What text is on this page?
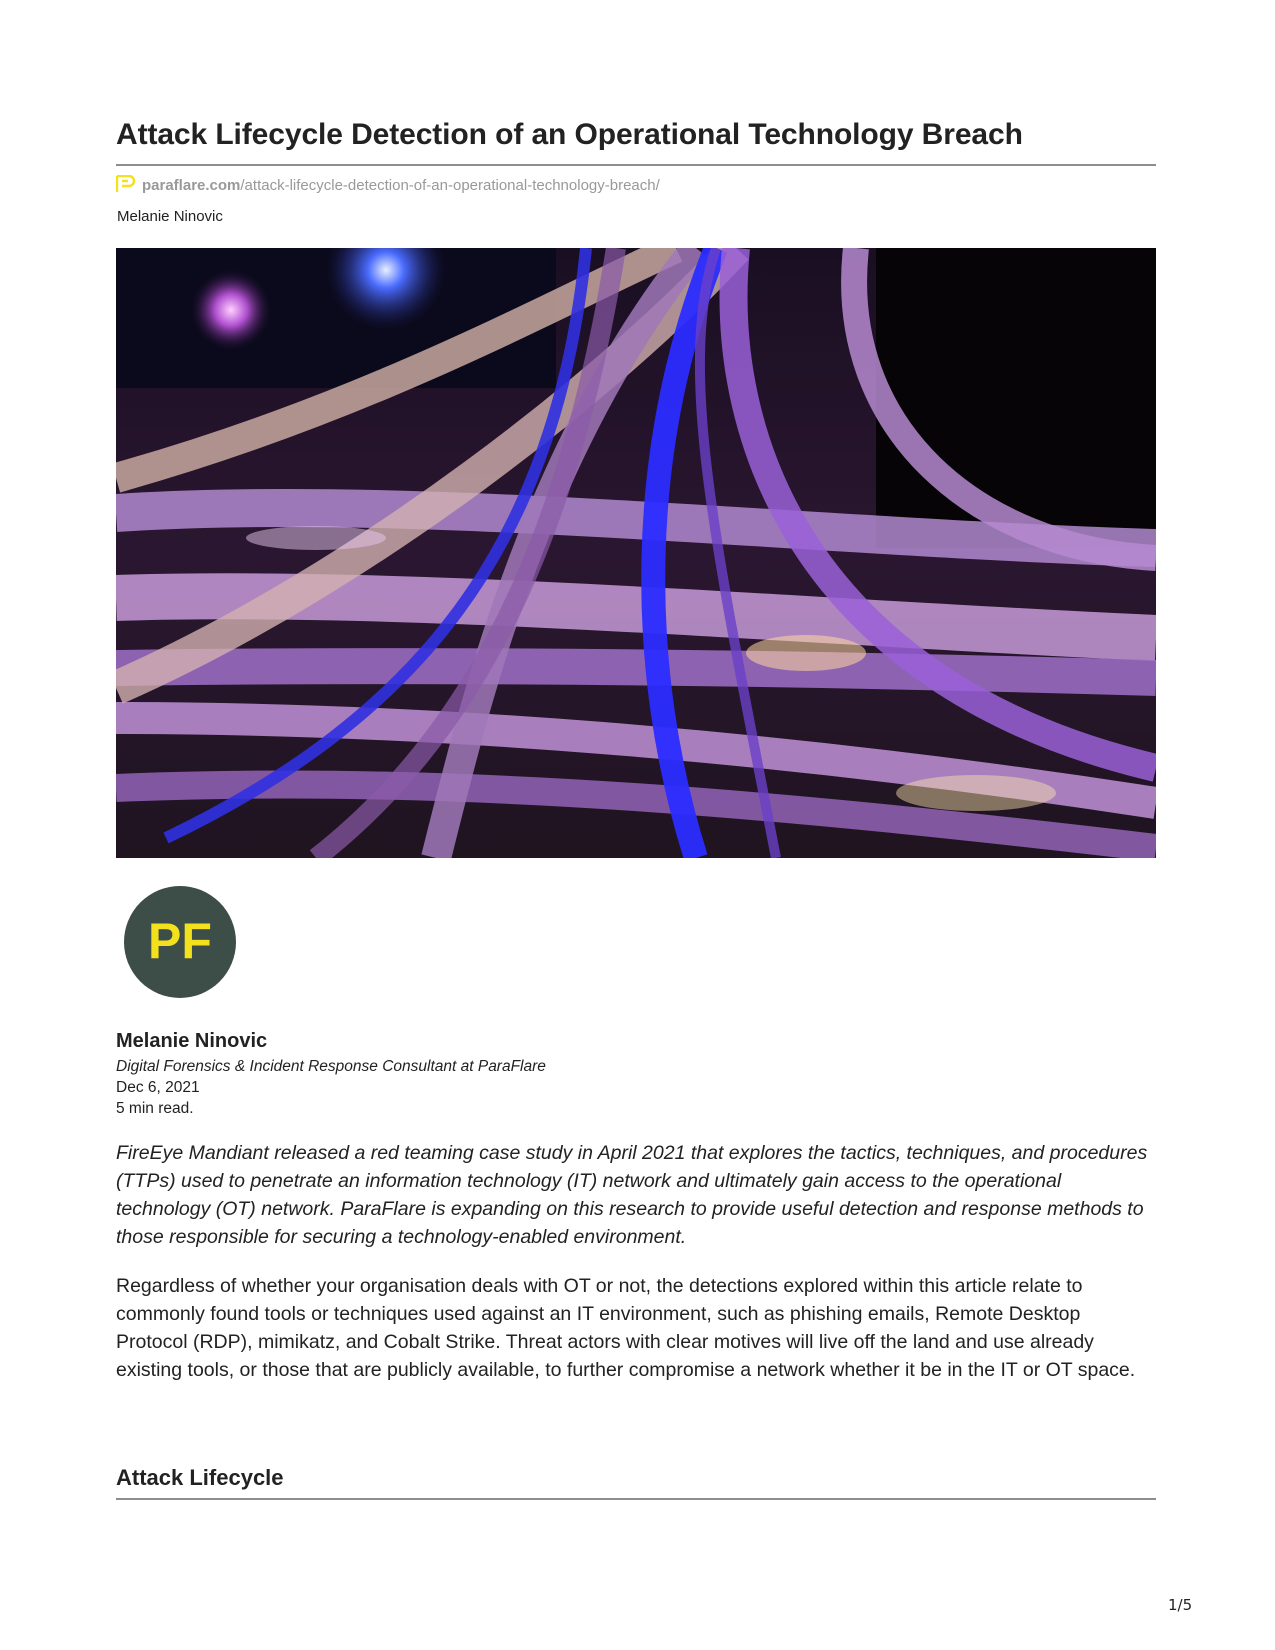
Attack Lifecycle Detection of an Operational Technology Breach
paraflare.com/attack-lifecycle-detection-of-an-operational-technology-breach/
Melanie Ninovic
PF
Melanie Ninovic
Digital Forensics & Incident Response Consultant at ParaFlare
Dec 6, 2021
5 min read.

FireEye Mandiant released a red teaming case study in April 2021 that explores the tactics, techniques, and procedures (TTPs) used to penetrate an information technology (IT) network and ultimately gain access to the operational technology (OT) network. ParaFlare is expanding on this research to provide useful detection and response methods to those responsible for securing a technology-enabled environment.

Regardless of whether your organisation deals with OT or not, the detections explored within this article relate to commonly found tools or techniques used against an IT environment, such as phishing emails, Remote Desktop Protocol (RDP), mimikatz, and Cobalt Strike. Threat actors with clear motives will live off the land and use already existing tools, or those that are publicly available, to further compromise a network whether it be in the IT or OT space.

Attack Lifecycle
1/5
